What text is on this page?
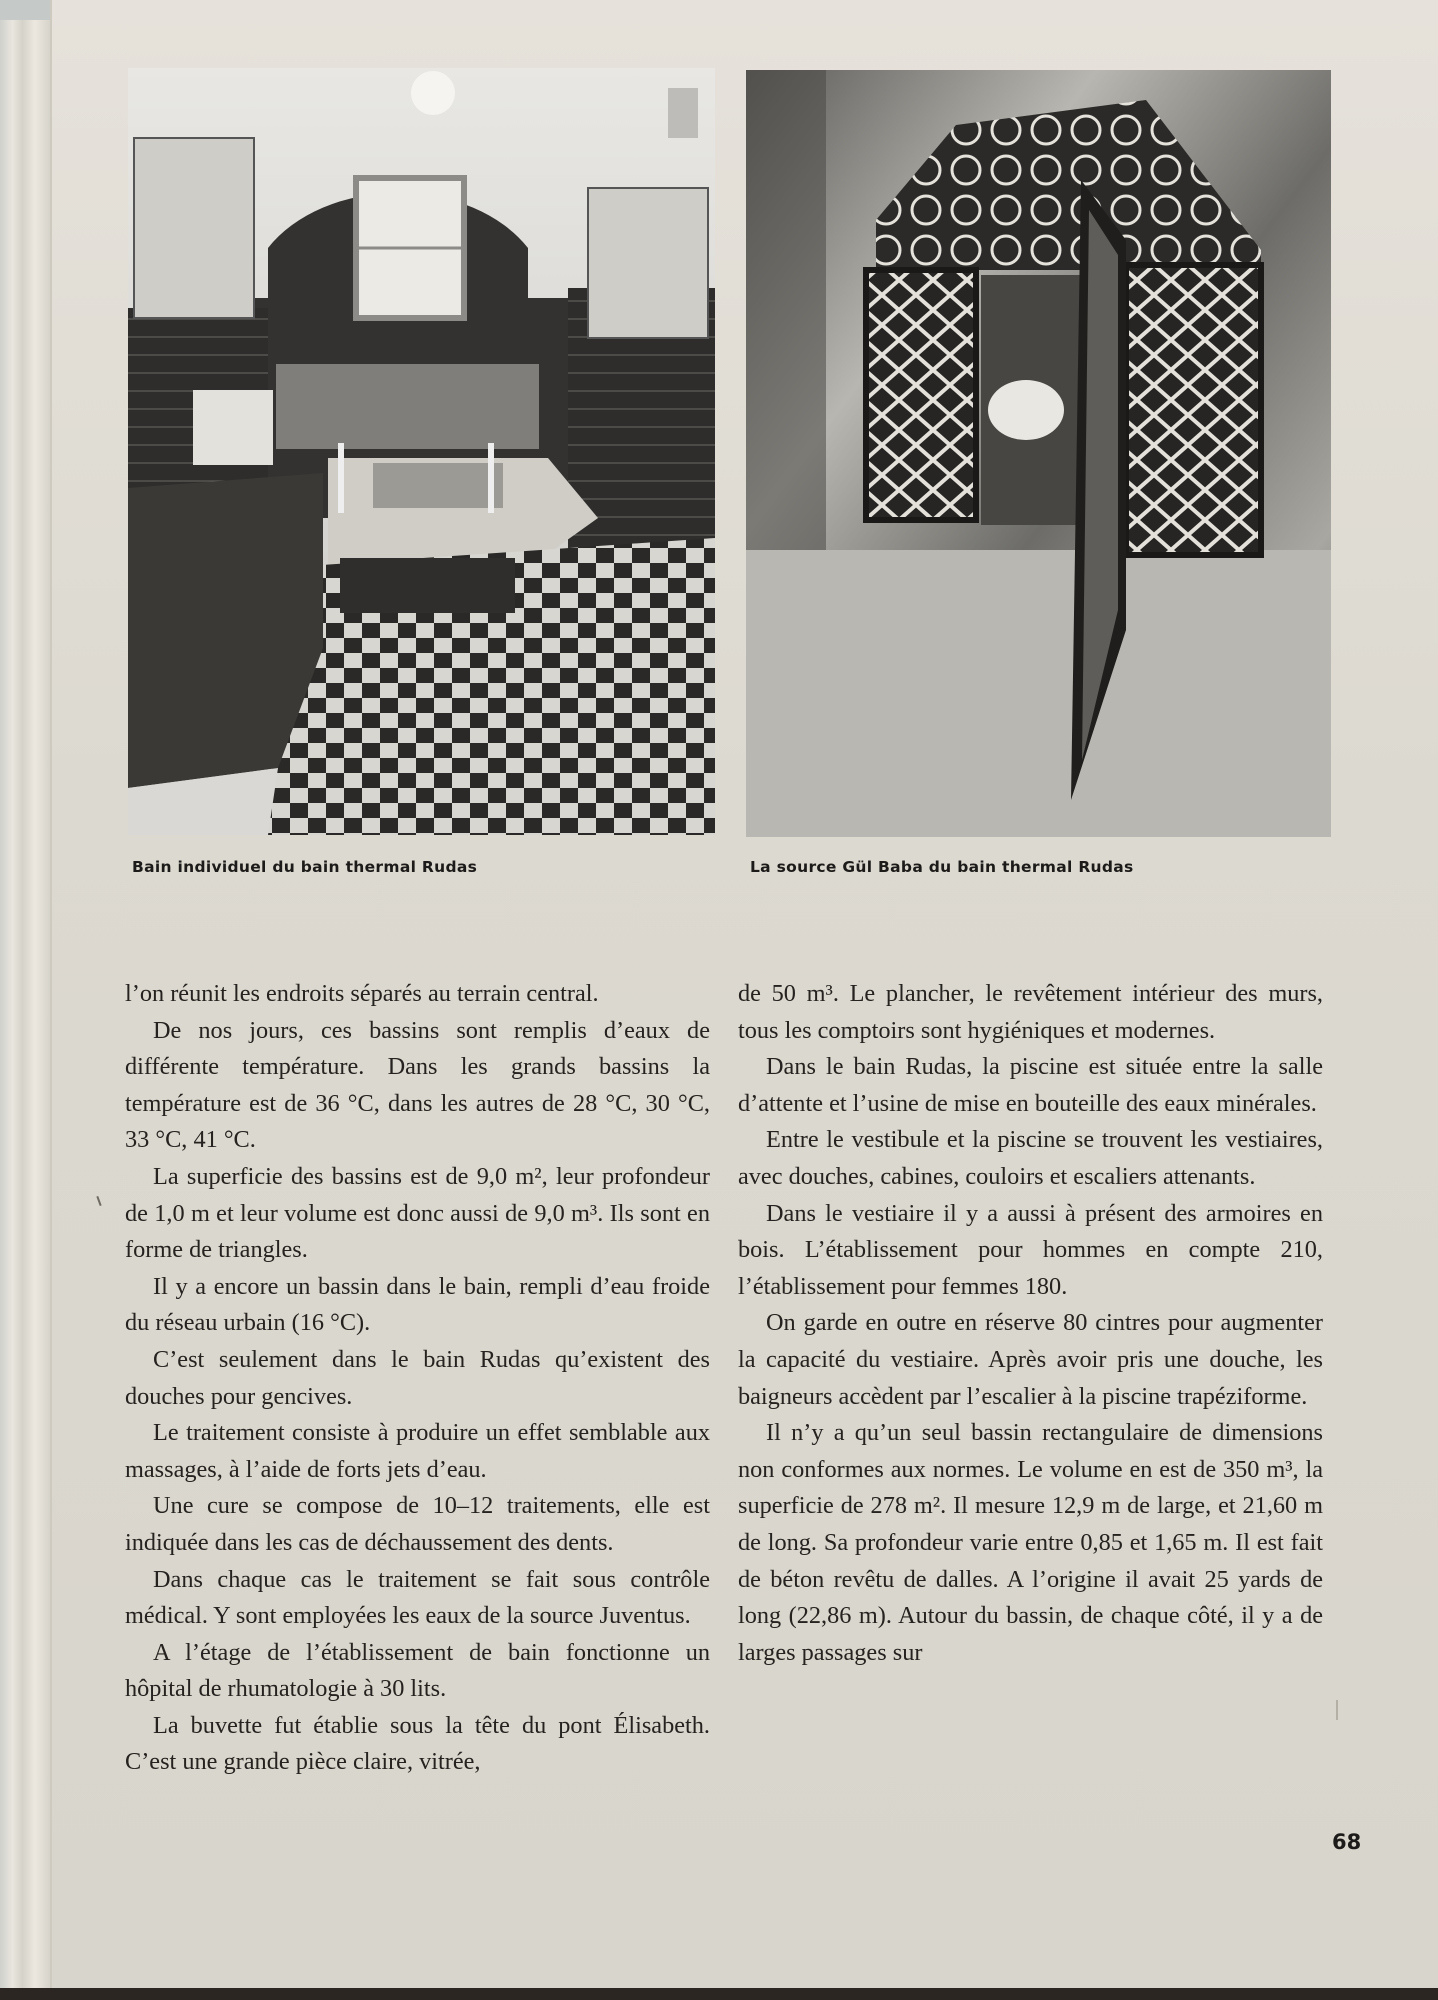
Bain individuel du bain thermal Rudas	La source Gül Baba du bain thermal Rudas

l’on réunit les endroits séparés au terrain central.

De nos jours, ces bassins sont remplis d’eaux de différente température. Dans les grands bassins la température est de 36 °C, dans les autres de 28 °C, 30 °C, 33 °C, 41 °C.

La superficie des bassins est de 9,0 m², leur profondeur de 1,0 m et leur volume est donc aussi de 9,0 m³. Ils sont en forme de triangles.

Il y a encore un bassin dans le bain, rempli d’eau froide du réseau urbain (16 °C).

C’est seulement dans le bain Rudas qu’existent des douches pour gencives.

Le traitement consiste à produire un effet semblable aux massages, à l’aide de forts jets d’eau.

Une cure se compose de 10–12 traitements, elle est indiquée dans les cas de déchaussement des dents.

Dans chaque cas le traitement se fait sous contrôle médical. Y sont employées les eaux de la source Juventus.

A l’étage de l’établissement de bain fonctionne un hôpital de rhumatologie à 30 lits.

La buvette fut établie sous la tête du pont Élisabeth. C’est une grande pièce claire, vitrée,

de 50 m³. Le plancher, le revêtement intérieur des murs, tous les comptoirs sont hygiéniques et modernes.

Dans le bain Rudas, la piscine est située entre la salle d’attente et l’usine de mise en bouteille des eaux minérales.

Entre le vestibule et la piscine se trouvent les vestiaires, avec douches, cabines, couloirs et escaliers attenants.

Dans le vestiaire il y a aussi à présent des armoires en bois. L’établissement pour hommes en compte 210, l’établissement pour femmes 180.

On garde en outre en réserve 80 cintres pour augmenter la capacité du vestiaire. Après avoir pris une douche, les baigneurs accèdent par l’escalier à la piscine trapéziforme.

Il n’y a qu’un seul bassin rectangulaire de dimensions non conformes aux normes. Le volume en est de 350 m³, la superficie de 278 m². Il mesure 12,9 m de large, et 21,60 m de long. Sa profondeur varie entre 0,85 et 1,65 m. Il est fait de béton revêtu de dalles. A l’origine il avait 25 yards de long (22,86 m). Autour du bassin, de chaque côté, il y a de larges passages sur

68
